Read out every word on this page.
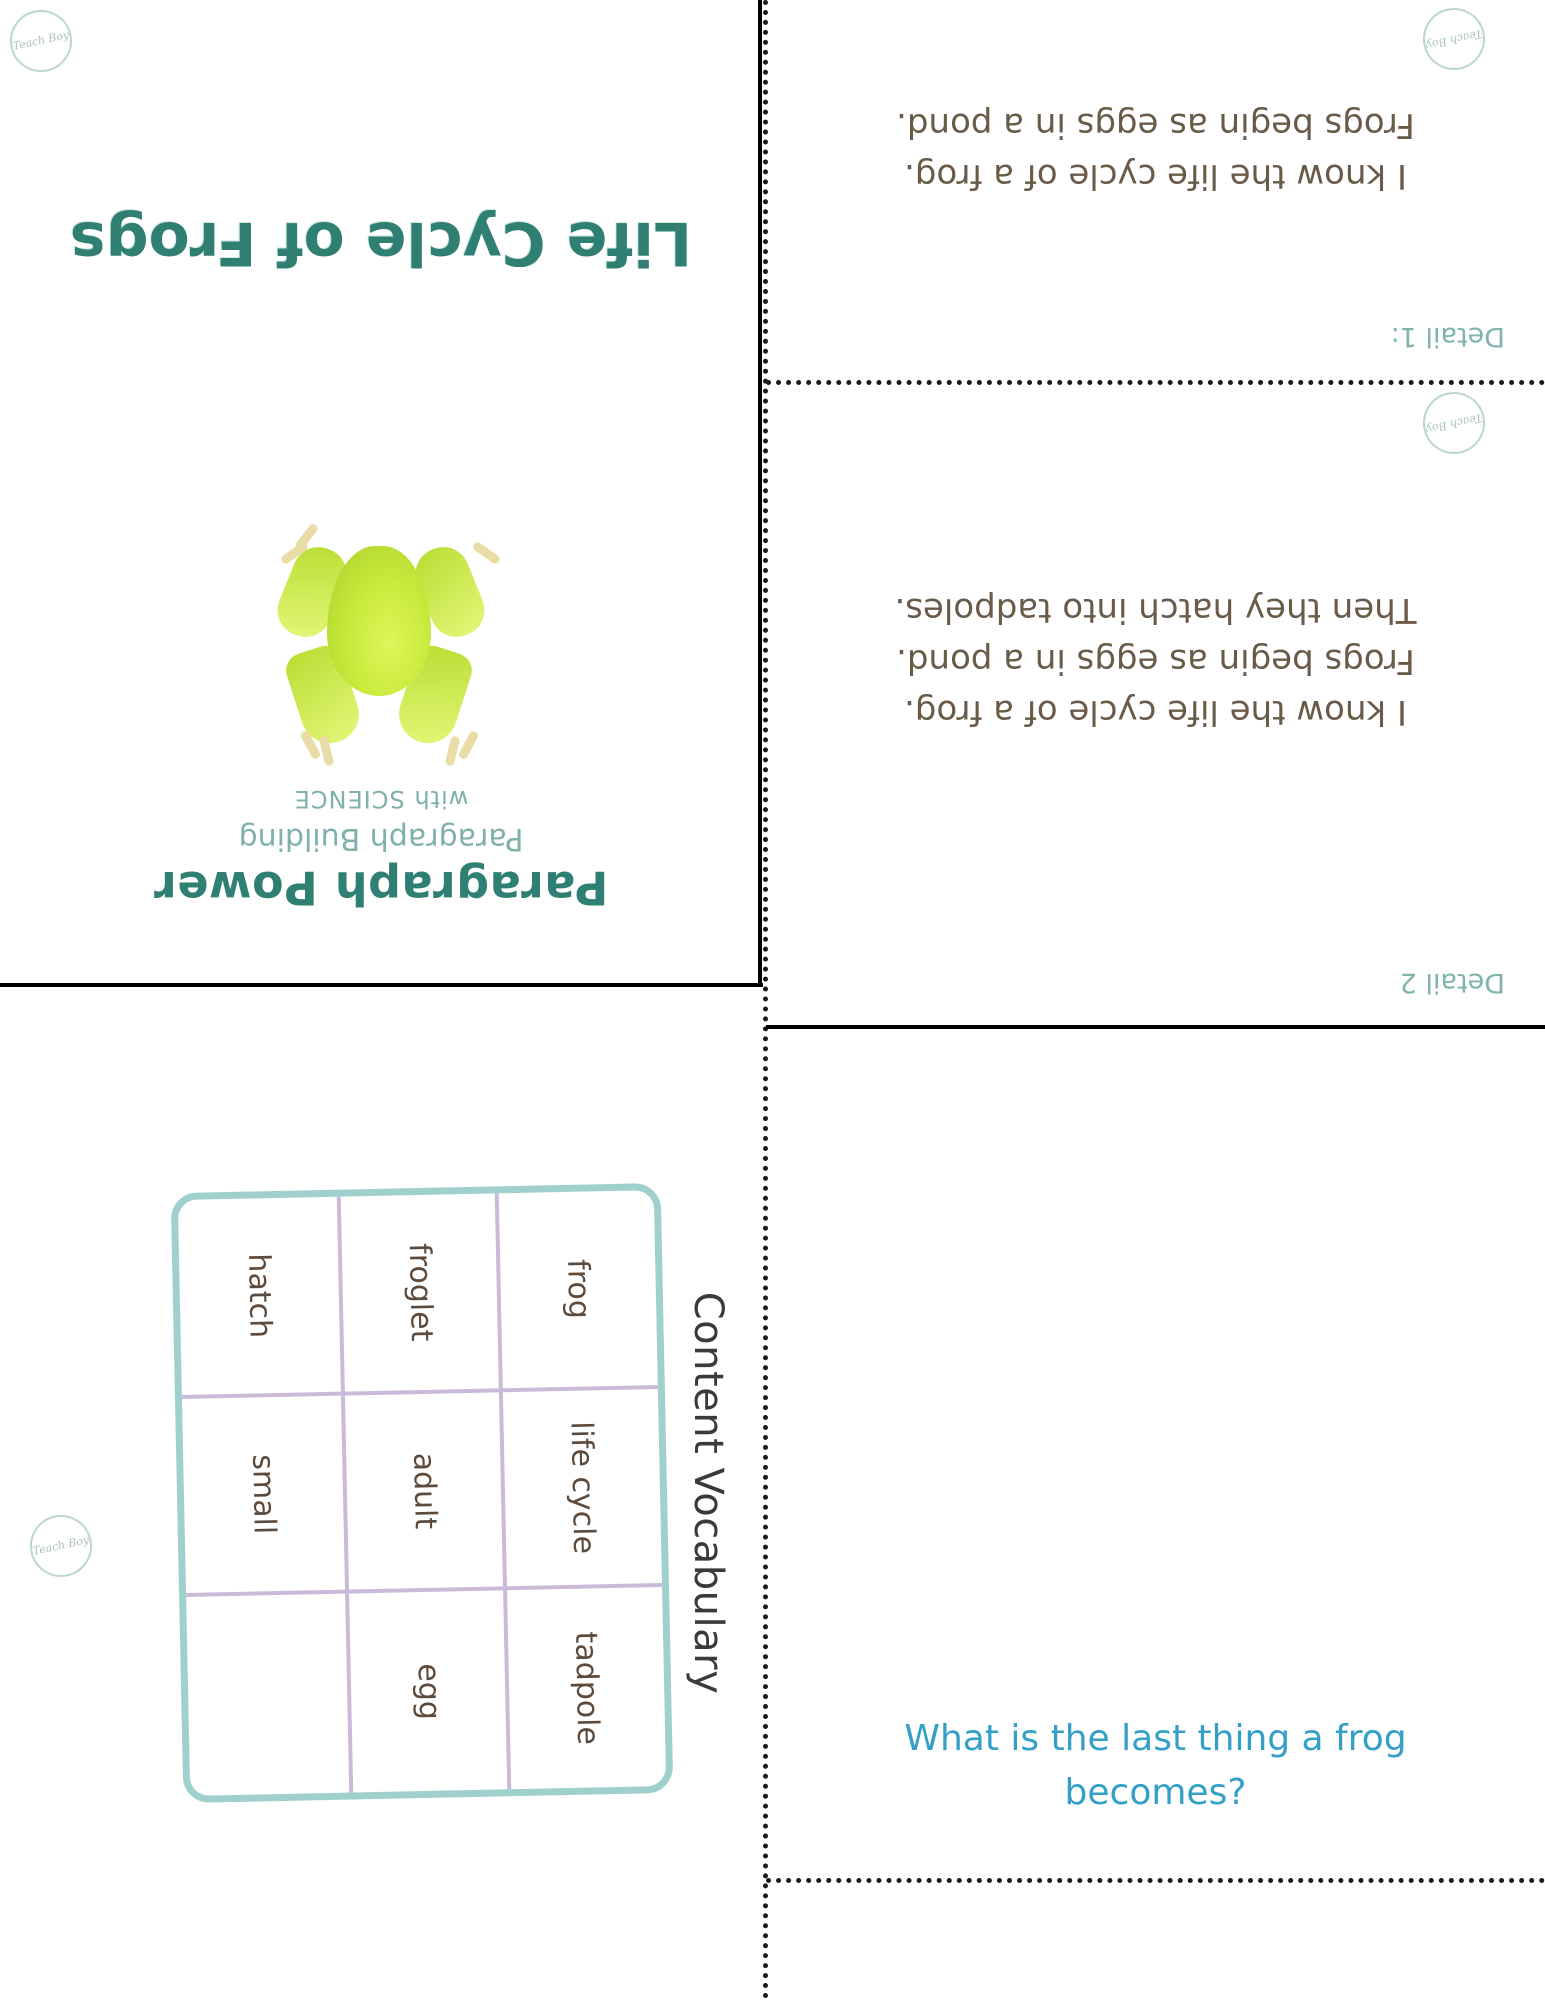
Paragraph Power
Paragraph Building
with SCIENCE
Life Cycle of Frogs
Teach Boy
Content Vocabulary
frog
life cycle
tadpole
froglet
adult
egg
hatch
small
Teach Boy
Detail 1:
I know the life cycle of a frog.
Frogs begin as eggs in a pond.
Teach Boy
Detail 2
I know the life cycle of a frog.
Frogs begin as eggs in a pond.
Then they hatch into tadpoles.
Teach Boy
What is the last thing a frog becomes?
